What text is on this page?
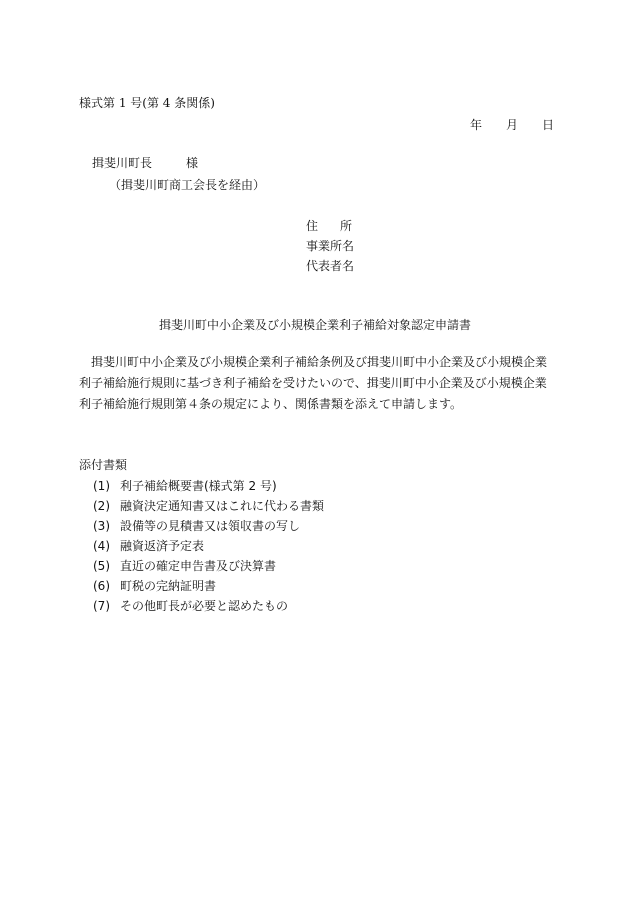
様式第 1 号(第 4 条関係)
年	月	日
揖斐川町長	様
（揖斐川町商工会長を経由）
住所
事業所名
代表者名
揖斐川町中小企業及び小規模企業利子補給対象認定申請書
揖斐川町中小企業及び小規模企業利子補給条例及び揖斐川町中小企業及び小規模企業利子補給施行規則に基づき利子補給を受けたいので、揖斐川町中小企業及び小規模企業利子補給施行規則第４条の規定により、関係書類を添えて申請します。
添付書類
(1) 利子補給概要書(様式第 2 号)
(2) 融資決定通知書又はこれに代わる書類
(3) 設備等の見積書又は領収書の写し
(4) 融資返済予定表
(5) 直近の確定申告書及び決算書
(6) 町税の完納証明書
(7) その他町長が必要と認めたもの
